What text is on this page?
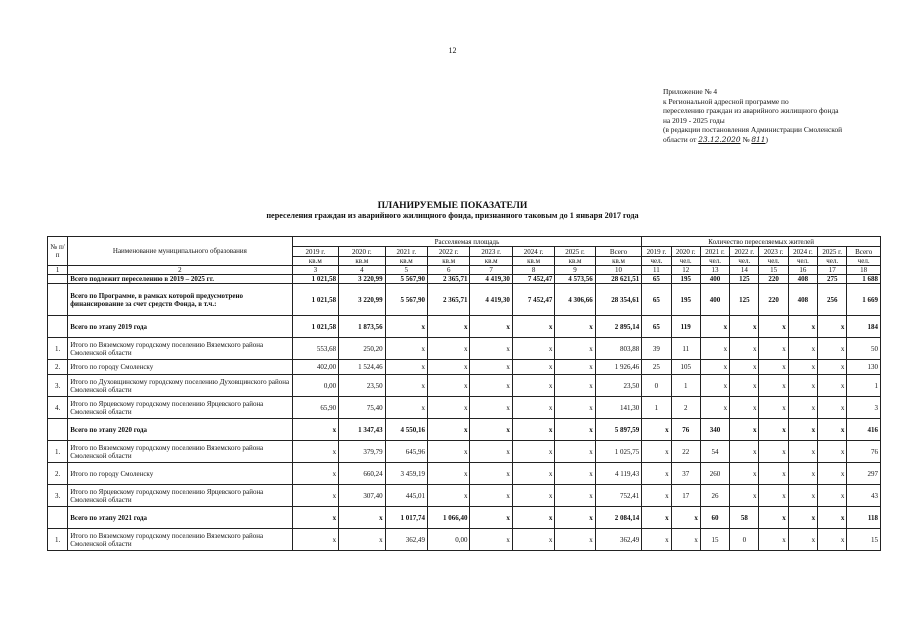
12
Приложение № 4
к Региональной адресной программе по
переселению граждан из аварийного жилищного фонда
на 2019 - 2025 годы
(в редакции постановления Администрации Смоленской
области от 23.12.2020 № 811)
ПЛАНИРУЕМЫЕ ПОКАЗАТЕЛИ
переселения граждан из аварийного жилищного фонда, признанного таковым до 1 января 2017 года
№ п/п	Наименование муниципального образования	Расселяемая площадь								Количество переселяемых жителей							
		2019 г.	2020 г.	2021 г.	2022 г.	2023 г.	2024 г.	2025 г.	Всего	2019 г.	2020 г.	2021 г.	2022 г.	2023 г.	2024 г.	2025 г.	Всего
		кв.м	кв.м	кв.м	кв.м	кв.м	кв.м	кв.м	кв.м	чел.	чел.	чел.	чел.	чел.	чел.	чел.	чел.
1	2	3	4	5	6	7	8	9	10	11	12	13	14	15	16	17	18
	Всего подлежит переселению в 2019 – 2025 гг.	1 021,58	3 220,99	5 567,90	2 365,71	4 419,30	7 452,47	4 573,56	28 621,51	65	195	400	125	220	408	275	1 688
	Всего по Программе, в рамках которой предусмотрено финансирование за счет средств Фонда, в т.ч.:	1 021,58	3 220,99	5 567,90	2 365,71	4 419,30	7 452,47	4 306,66	28 354,61	65	195	400	125	220	408	256	1 669
	Всего по этапу 2019 года	1 021,58	1 873,56	x	x	x	x	x	2 895,14	65	119	x	x	x	x	x	184
1.	Итого по Вяземскому городскому поселению Вяземского района Смоленской области	553,68	250,20	x	x	x	x	x	803,88	39	11	x	x	x	x	x	50
2.	Итого по городу Смоленску	402,00	1 524,46	x	x	x	x	x	1 926,46	25	105	x	x	x	x	x	130
3.	Итого по Духовщинскому городскому поселению Духовщинского района Смоленской области	0,00	23,50	x	x	x	x	x	23,50	0	1	x	x	x	x	x	1
4.	Итого по Ярцевскому городскому поселению Ярцевского района Смоленской области	65,90	75,40	x	x	x	x	x	141,30	1	2	x	x	x	x	x	3
	Всего по этапу 2020 года	x	1 347,43	4 550,16	x	x	x	x	5 897,59	x	76	340	x	x	x	x	416
1.	Итого по Вяземскому городскому поселению Вяземского района Смоленской области	x	379,79	645,96	x	x	x	x	1 025,75	x	22	54	x	x	x	x	76
2.	Итого по городу Смоленску	x	660,24	3 459,19	x	x	x	x	4 119,43	x	37	260	x	x	x	x	297
3.	Итого по Ярцевскому городскому поселению Ярцевского района Смоленской области	x	307,40	445,01	x	x	x	x	752,41	x	17	26	x	x	x	x	43
	Всего по этапу 2021 года	x	x	1 017,74	1 066,40	x	x	x	2 084,14	x	x	60	58	x	x	x	118
1.	Итого по Вяземскому городскому поселению Вяземского района Смоленской области	x	x	362,49	0,00	x	x	x	362,49	x	x	15	0	x	x	x	15
